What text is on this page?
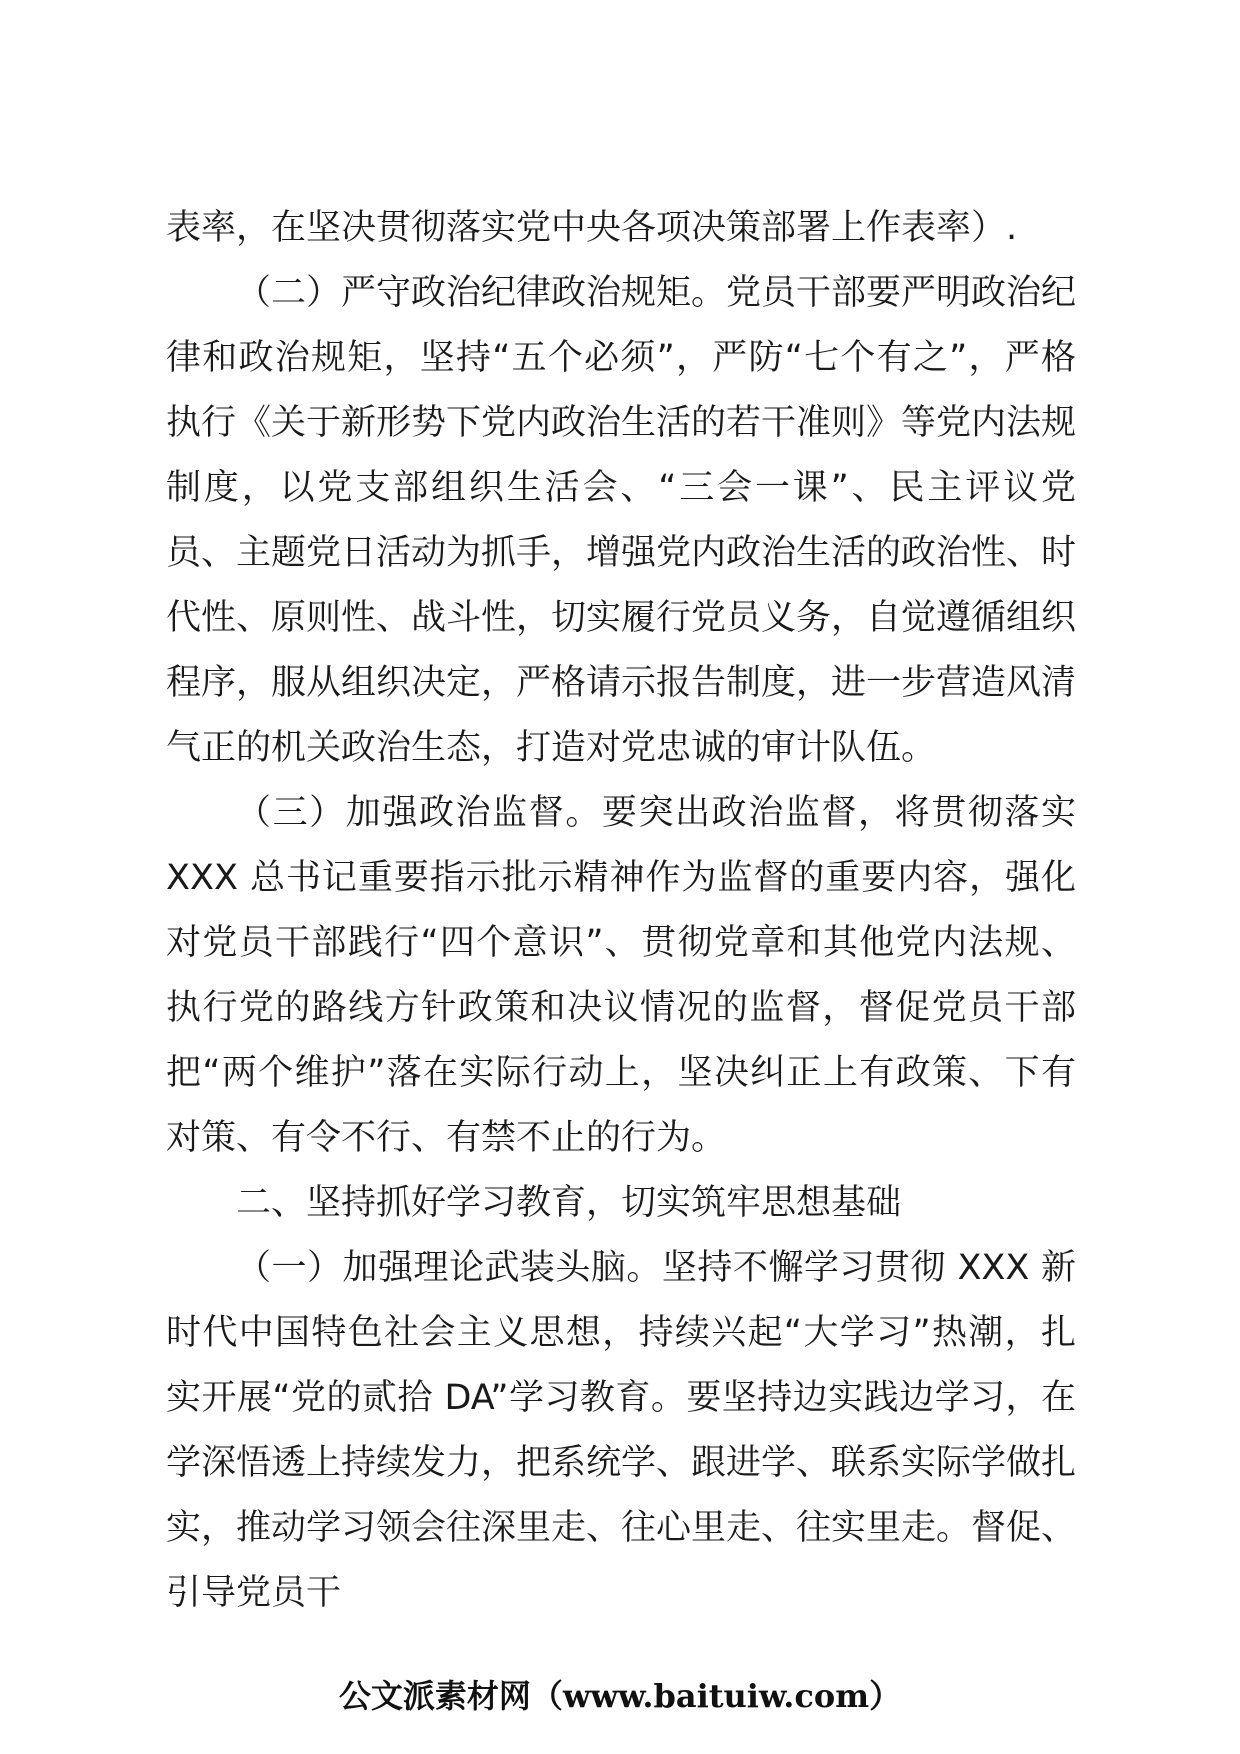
表率，在坚决贯彻落实党中央各项决策部署上作表率）.

（二）严守政治纪律政治规矩。党员干部要严明政治纪律和政治规矩，坚持“五个必须”，严防“七个有之”，严格执行《关于新形势下党内政治生活的若干准则》等党内法规制度，以党支部组织生活会、“三会一课”、民主评议党员、主题党日活动为抓手，增强党内政治生活的政治性、时代性、原则性、战斗性，切实履行党员义务，自觉遵循组织程序，服从组织决定，严格请示报告制度，进一步营造风清气正的机关政治生态，打造对党忠诚的审计队伍。

（三）加强政治监督。要突出政治监督，将贯彻落实 XXX 总书记重要指示批示精神作为监督的重要内容，强化对党员干部践行“四个意识”、贯彻党章和其他党内法规、执行党的路线方针政策和决议情况的监督，督促党员干部把“两个维护”落在实际行动上，坚决纠正上有政策、下有对策、有令不行、有禁不止的行为。

二、坚持抓好学习教育，切实筑牢思想基础

（一）加强理论武装头脑。坚持不懈学习贯彻 XXX 新时代中国特色社会主义思想，持续兴起“大学习”热潮，扎实开展“党的贰拾 DA”学习教育。要坚持边实践边学习，在学深悟透上持续发力，把系统学、跟进学、联系实际学做扎实，推动学习领会往深里走、往心里走、往实里走。督促、引导党员干

公文派素材网（www.baituiw.com）
